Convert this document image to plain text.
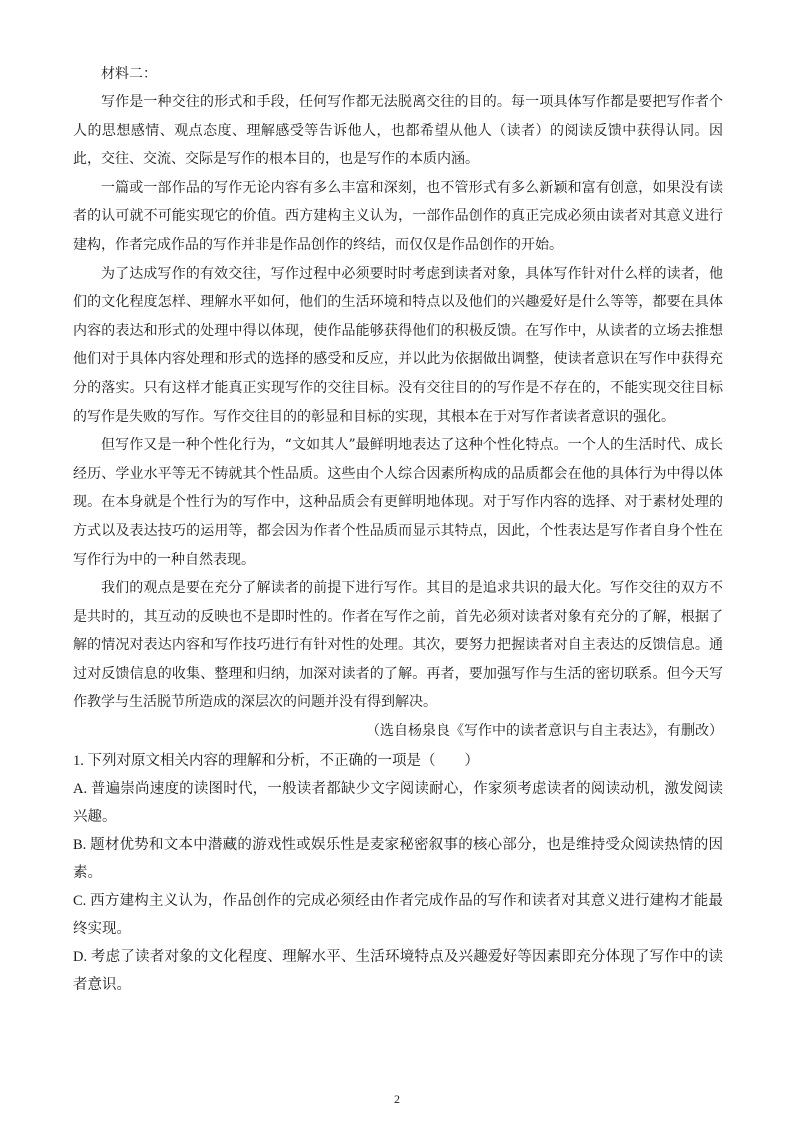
材料二：

写作是一种交往的形式和手段，任何写作都无法脱离交往的目的。每一项具体写作都是要把写作者个人的思想感情、观点态度、理解感受等告诉他人，也都希望从他人（读者）的阅读反馈中获得认同。因此，交往、交流、交际是写作的根本目的，也是写作的本质内涵。

一篇或一部作品的写作无论内容有多么丰富和深刻，也不管形式有多么新颖和富有创意，如果没有读者的认可就不可能实现它的价值。西方建构主义认为，一部作品创作的真正完成必须由读者对其意义进行建构，作者完成作品的写作并非是作品创作的终结，而仅仅是作品创作的开始。

为了达成写作的有效交往，写作过程中必须要时时考虑到读者对象，具体写作针对什么样的读者，他们的文化程度怎样、理解水平如何，他们的生活环境和特点以及他们的兴趣爱好是什么等等，都要在具体内容的表达和形式的处理中得以体现，使作品能够获得他们的积极反馈。在写作中，从读者的立场去推想他们对于具体内容处理和形式的选择的感受和反应，并以此为依据做出调整，使读者意识在写作中获得充分的落实。只有这样才能真正实现写作的交往目标。没有交往目的的写作是不存在的，不能实现交往目标的写作是失败的写作。写作交往目的的彰显和目标的实现，其根本在于对写作者读者意识的强化。

但写作又是一种个性化行为，“文如其人”最鲜明地表达了这种个性化特点。一个人的生活时代、成长经历、学业水平等无不铸就其个性品质。这些由个人综合因素所构成的品质都会在他的具体行为中得以体现。在本身就是个性行为的写作中，这种品质会有更鲜明地体现。对于写作内容的选择、对于素材处理的方式以及表达技巧的运用等，都会因为作者个性品质而显示其特点，因此，个性表达是写作者自身个性在写作行为中的一种自然表现。

我们的观点是要在充分了解读者的前提下进行写作。其目的是追求共识的最大化。写作交往的双方不是共时的，其互动的反映也不是即时性的。作者在写作之前，首先必须对读者对象有充分的了解，根据了解的情况对表达内容和写作技巧进行有针对性的处理。其次，要努力把握读者对自主表达的反馈信息。通过对反馈信息的收集、整理和归纳，加深对读者的了解。再者，要加强写作与生活的密切联系。但今天写作教学与生活脱节所造成的深层次的问题并没有得到解决。

（选自杨泉良《写作中的读者意识与自主表达》，有删改）

1. 下列对原文相关内容的理解和分析，不正确的一项是（　　）

A. 普遍崇尚速度的读图时代，一般读者都缺少文字阅读耐心，作家须考虑读者的阅读动机，激发阅读兴趣。

B. 题材优势和文本中潜藏的游戏性或娱乐性是麦家秘密叙事的核心部分，也是维持受众阅读热情的因素。

C. 西方建构主义认为，作品创作的完成必须经由作者完成作品的写作和读者对其意义进行建构才能最终实现。

D. 考虑了读者对象的文化程度、理解水平、生活环境特点及兴趣爱好等因素即充分体现了写作中的读者意识。

2
